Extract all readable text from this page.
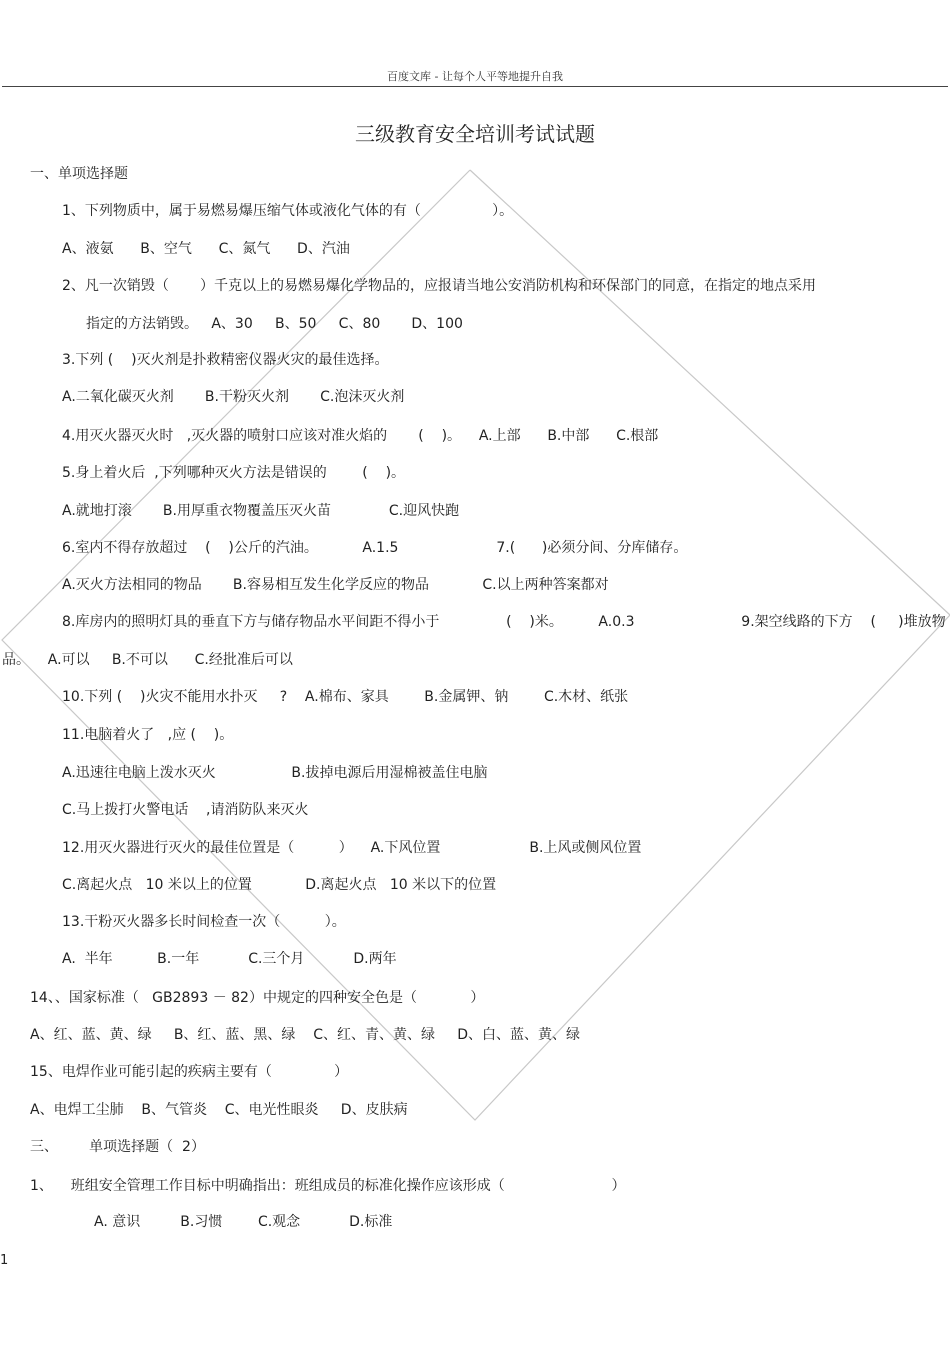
百度文库 - 让每个人平等地提升自我
三级教育安全培训考试试题
一、单项选择题
1、下列物质中，属于易燃易爆压缩气体或液化气体的有（                ）。
A、液氨      B、空气      C、氮气      D、汽油
2、凡一次销毁（       ）千克以上的易燃易爆化学物品的，应报请当地公安消防机构和环保部门的同意，在指定的地点采用
指定的方法销毁。   A、30     B、50     C、80       D、100
3.下列 (    )灭火剂是扑救精密仪器火灾的最佳选择。
A.二氧化碳灭火剂       B.干粉灭火剂       C.泡沫灭火剂
4.用灭火器灭火时   ,灭火器的喷射口应该对准火焰的       (    )。    A.上部      B.中部      C.根部
5.身上着火后  ,下列哪种灭火方法是错误的        (    )。
A.就地打滚       B.用厚重衣物覆盖压灭火苗             C.迎风快跑
6.室内不得存放超过    (    )公斤的汽油。          A.1.5                      7.(      )必须分间、分库储存。
A.灭火方法相同的物品       B.容易相互发生化学反应的物品            C.以上两种答案都对
8.库房内的照明灯具的垂直下方与储存物品水平间距不得小于               (    )米。        A.0.3                        9.架空线路的下方    (     )堆放物
品。    A.可以     B.不可以      C.经批准后可以
10.下列 (    )火灾不能用水扑灭     ?    A.棉布、家具        B.金属钾、钠        C.木材、纸张
11.电脑着火了   ,应 (    )。
A.迅速往电脑上泼水灭火                 B.拔掉电源后用湿棉被盖住电脑
C.马上拨打火警电话    ,请消防队来灭火
12.用灭火器进行灭火的最佳位置是（          ）    A.下风位置                    B.上风或侧风位置
C.离起火点   10 米以上的位置            D.离起火点   10 米以下的位置
13.干粉灭火器多长时间检查一次（          ）。
A.  半年          B.一年           C.三个月           D.两年
14、、国家标准（   GB2893 － 82）中规定的四种安全色是（            ）
A、红、蓝、黄、绿     B、红、蓝、黑、绿    C、红、青、黄、绿     D、白、蓝、黄、绿
15、电焊作业可能引起的疾病主要有（              ）
A、电焊工尘肺    B、气管炎    C、电光性眼炎     D、皮肤病
三、       单项选择题（  2）
1、    班组安全管理工作目标中明确指出：班组成员的标准化操作应该形成（                        ）
A. 意识         B.习惯        C.观念           D.标准
1
